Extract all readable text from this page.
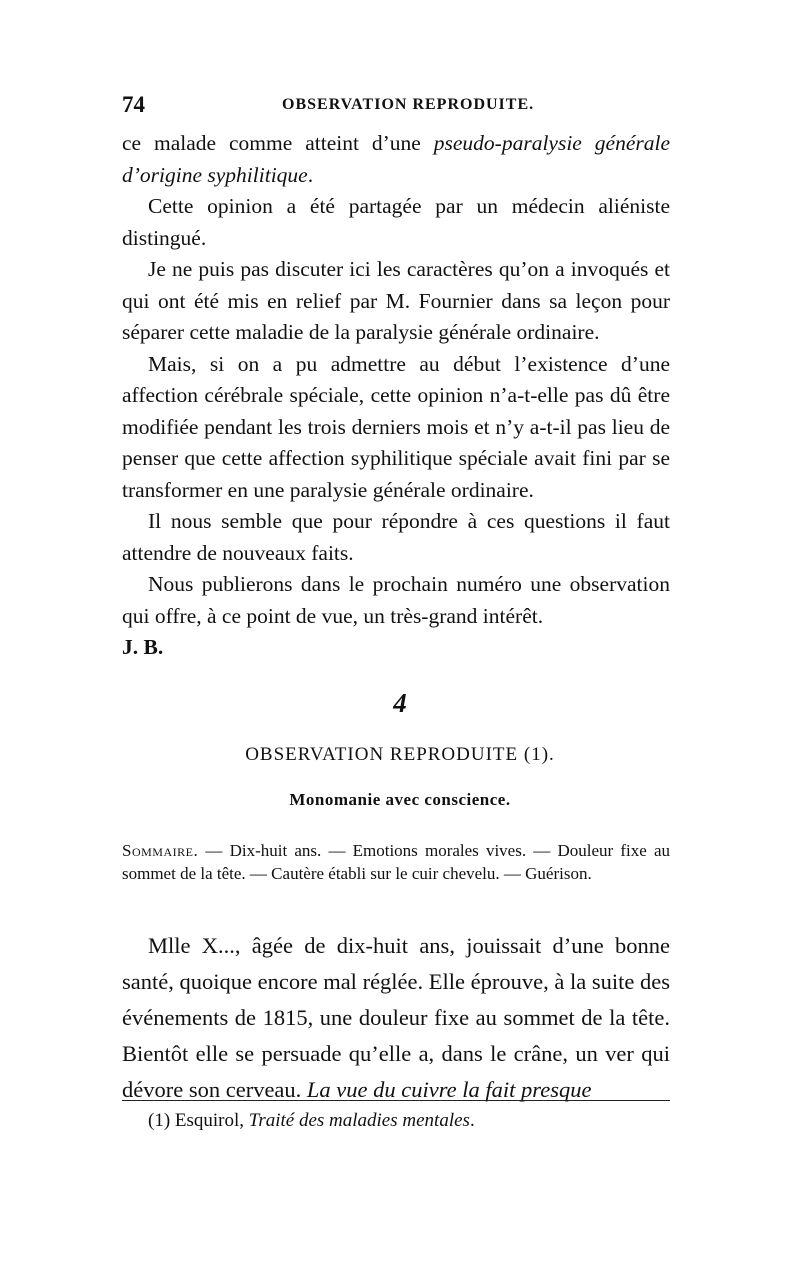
74	OBSERVATION REPRODUITE.

ce malade comme atteint d’une pseudo-paralysie générale d’origine syphilitique.

Cette opinion a été partagée par un médecin aliéniste distingué.

Je ne puis pas discuter ici les caractères qu’on a invoqués et qui ont été mis en relief par M. Fournier dans sa leçon pour séparer cette maladie de la paralysie générale ordinaire.

Mais, si on a pu admettre au début l’existence d’une affection cérébrale spéciale, cette opinion n’a-t-elle pas dû être modifiée pendant les trois derniers mois et n’y a-t-il pas lieu de penser que cette affection syphilitique spéciale avait fini par se transformer en une paralysie générale ordinaire.

Il nous semble que pour répondre à ces questions il faut attendre de nouveaux faits.

Nous publierons dans le prochain numéro une observation qui offre, à ce point de vue, un très-grand intérêt.

J. B.

4
OBSERVATION REPRODUITE (1).
Monomanie avec conscience.
Sommaire. — Dix-huit ans. — Emotions morales vives. — Douleur fixe au sommet de la tête. — Cautère établi sur le cuir chevelu. — Guérison.

Mlle X..., âgée de dix-huit ans, jouissait d’une bonne santé, quoique encore mal réglée. Elle éprouve, à la suite des événements de 1815, une douleur fixe au sommet de la tête. Bientôt elle se persuade qu’elle a, dans le crâne, un ver qui dévore son cerveau. La vue du cuivre la fait presque

(1) Esquirol, Traité des maladies mentales.
